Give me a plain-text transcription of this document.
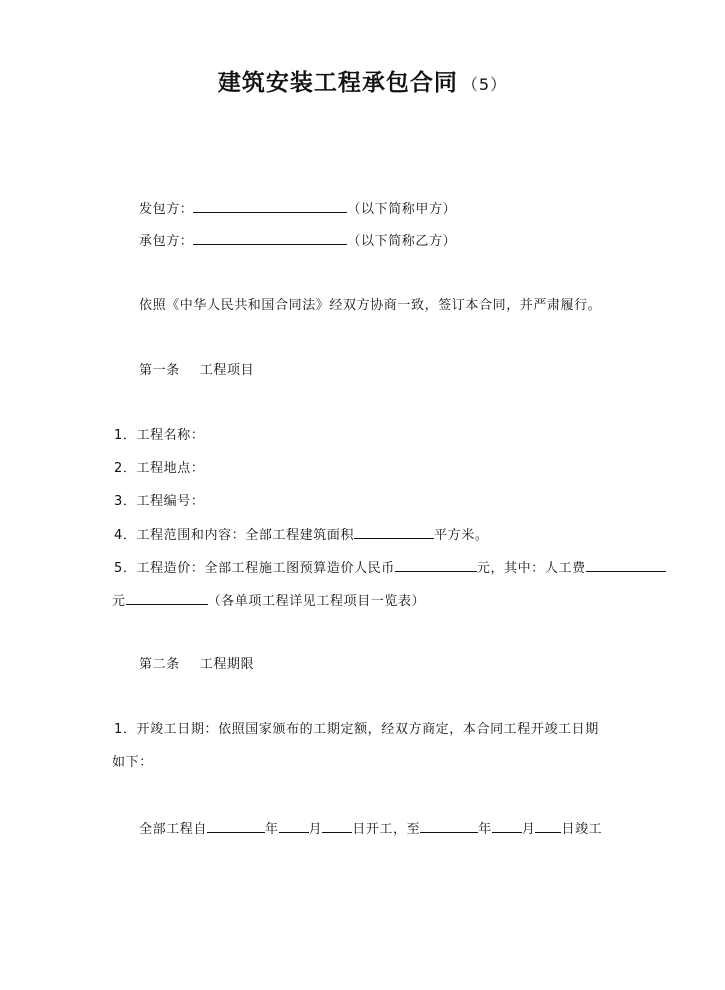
建筑安装工程承包合同 （5）
发包方：	（以下简称甲方）
承包方：	（以下简称乙方）
依照《中华人民共和国合同法》经双方协商一致，签订本合同，并严肃履行。
第一条 工程项目
1．工程名称：
2．工程地点：
3．工程编号：
4．工程范围和内容：全部工程建筑面积	平方米。
5．工程造价：全部工程施工图预算造价人民币	元，其中：人工费
元	（各单项工程详见工程项目一览表）
第二条 工程期限
1．开竣工日期：依照国家颁布的工期定额，经双方商定，本合同工程开竣工日期
如下：
全部工程自	年 月 日开工，至	年 月 日竣工
